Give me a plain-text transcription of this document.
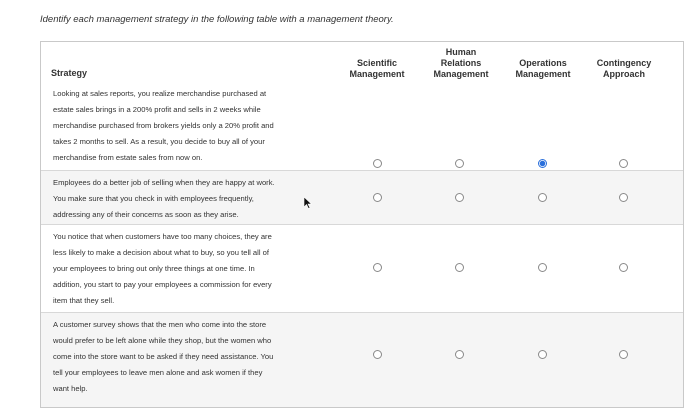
Identify each management strategy in the following table with a management theory.
Strategy
Scientific
Management
Human
Relations
Management
Operations
Management
Contingency
Approach
Looking at sales reports, you realize merchandise purchased at
estate sales brings in a 200% profit and sells in 2 weeks while
merchandise purchased from brokers yields only a 20% profit and
takes 2 months to sell. As a result, you decide to buy all of your
merchandise from estate sales from now on.
Employees do a better job of selling when they are happy at work.
You make sure that you check in with employees frequently,
addressing any of their concerns as soon as they arise.
You notice that when customers have too many choices, they are
less likely to make a decision about what to buy, so you tell all of
your employees to bring out only three things at one time. In
addition, you start to pay your employees a commission for every
item that they sell.
A customer survey shows that the men who come into the store
would prefer to be left alone while they shop, but the women who
come into the store want to be asked if they need assistance. You
tell your employees to leave men alone and ask women if they
want help.
